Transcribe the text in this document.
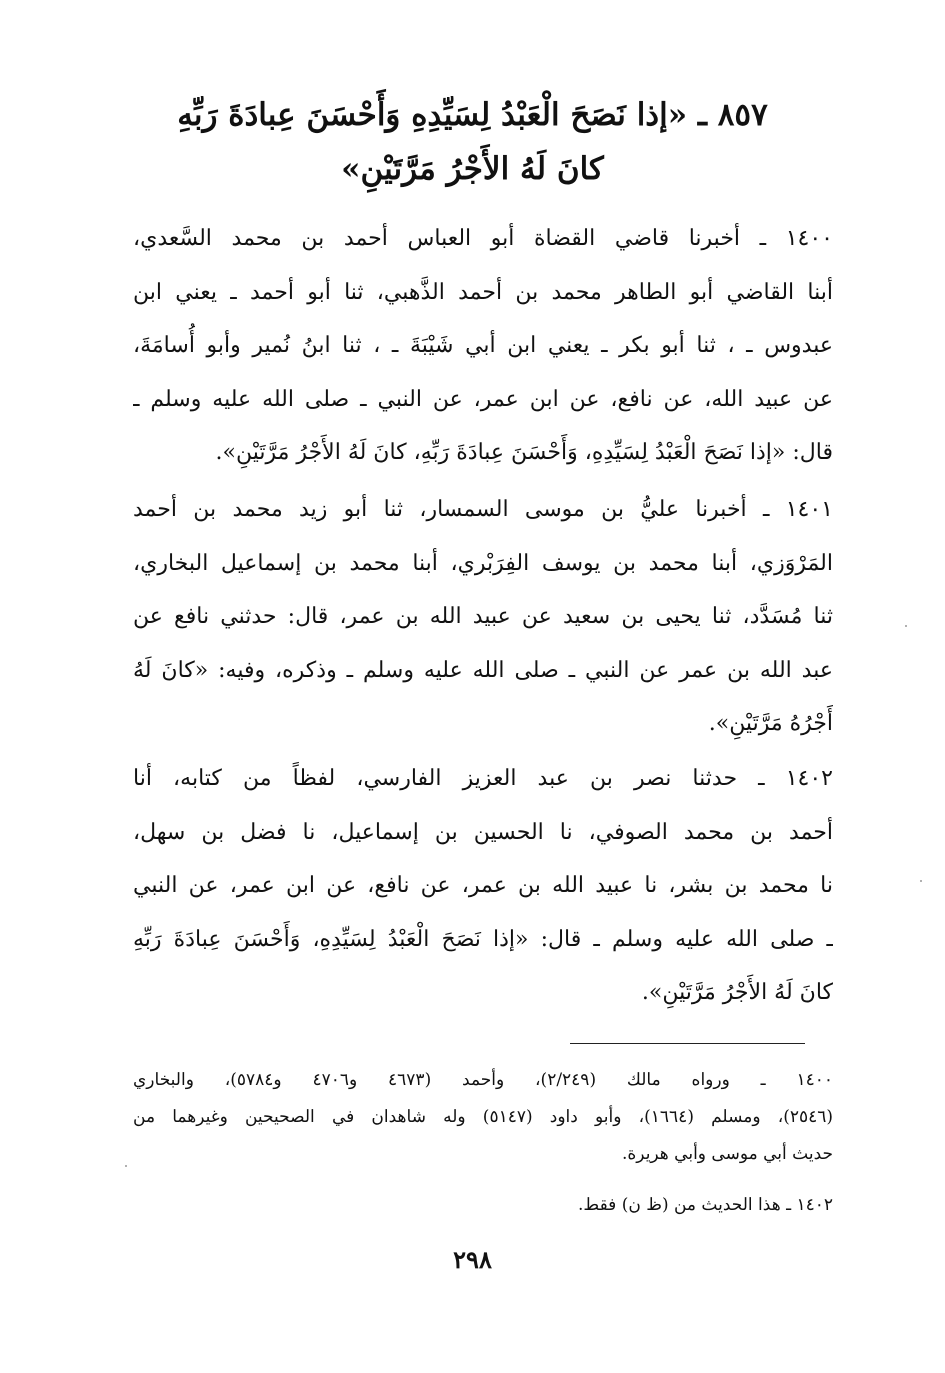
٨٥٧ ـ «إذا نَصَحَ الْعَبْدُ لِسَيِّدِهِ وَأَحْسَنَ عِبادَةَ رَبِّهِ
كانَ لَهُ الأَجْرُ مَرَّتَيْنِ»
١٤٠٠ ـ أخبرنا قاضي القضاة أبو العباس أحمد بن محمد السَّعدي،
أبنا القاضي أبو الطاهر محمد بن أحمد الذَّهبي، ثنا أبو أحمد ـ يعني ابن
عبدوس ـ ، ثنا أبو بكر ـ يعني ابن أبي شَيْبَةَ ـ ، ثنا ابنُ نُمير وأبو أُسامَةَ،
عن عبيد الله، عن نافع، عن ابن عمر، عن النبي ـ صلى الله عليه وسلم ـ
قال: «إذا نَصَحَ الْعَبْدُ لِسَيِّدِهِ، وَأَحْسَنَ عِبادَةَ رَبِّهِ، كانَ لَهُ الأَجْرُ مَرَّتَيْنِ».
١٤٠١ ـ أخبرنا عليُّ بن موسى السمسار، ثنا أبو زيد محمد بن أحمد
المَرْوَزي، أبنا محمد بن يوسف الفِرَبْري، أبنا محمد بن إسماعيل البخاري،
ثنا مُسَدَّد، ثنا يحيى بن سعيد عن عبيد الله بن عمر، قال: حدثني نافع عن
عبد الله بن عمر عن النبي ـ صلى الله عليه وسلم ـ وذكره، وفيه: «كانَ لَهُ
أَجْرُهُ مَرَّتَيْنِ».
١٤٠٢ ـ حدثنا نصر بن عبد العزيز الفارسي، لفظاً من كتابه، أنا
أحمد بن محمد الصوفي، نا الحسين بن إسماعيل، نا فضل بن سهل،
نا محمد بن بشر، نا عبيد الله بن عمر، عن نافع، عن ابن عمر، عن النبي
ـ صلى الله عليه وسلم ـ قال: «إذا نَصَحَ الْعَبْدُ لِسَيِّدِهِ، وَأَحْسَنَ عِبادَةَ رَبِّهِ
كانَ لَهُ الأَجْرُ مَرَّتَيْنِ».
١٤٠٠ ـ ورواه مالك (٢/٢٤٩)، وأحمد (٤٦٧٣ و٤٧٠٦ و٥٧٨٤)، والبخاري
(٢٥٤٦)، ومسلم (١٦٦٤)، وأبو داود (٥١٤٧) وله شاهدان في الصحيحين وغيرهما من
حديث أبي موسى وأبي هريرة.
١٤٠٢ ـ هذا الحديث من (ظ ن) فقط.
٢٩٨
